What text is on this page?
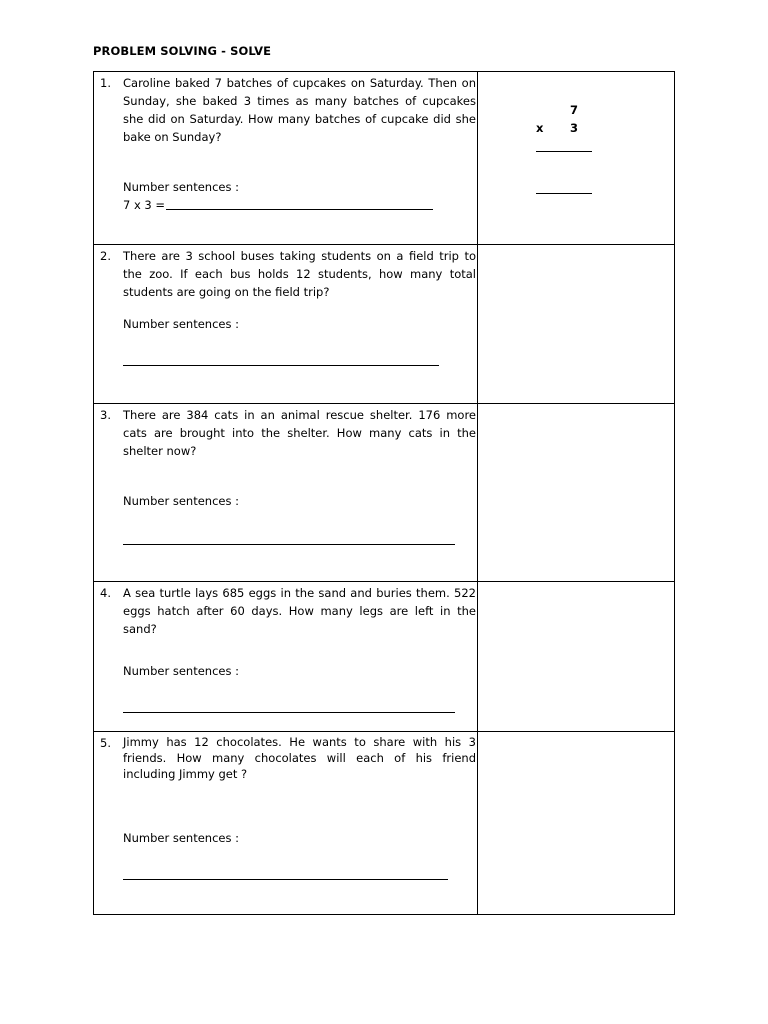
PROBLEM SOLVING - SOLVE
1. Caroline baked 7 batches of cupcakes on Saturday. Then on Sunday, she baked 3 times as many batches of cupcakes she did on Saturday. How many batches of cupcake did she bake on Sunday?
Number sentences :
7 x 3 =
7
x 3
2. There are 3 school buses taking students on a field trip to the zoo. If each bus holds 12 students, how many total students are going on the field trip?
Number sentences :
3. There are 384 cats in an animal rescue shelter. 176 more cats are brought into the shelter. How many cats in the shelter now?
Number sentences :
4. A sea turtle lays 685 eggs in the sand and buries them. 522 eggs hatch after 60 days. How many legs are left in the sand?
Number sentences :
5. Jimmy has 12 chocolates. He wants to share with his 3 friends. How many chocolates will each of his friend including Jimmy get ?
Number sentences :
